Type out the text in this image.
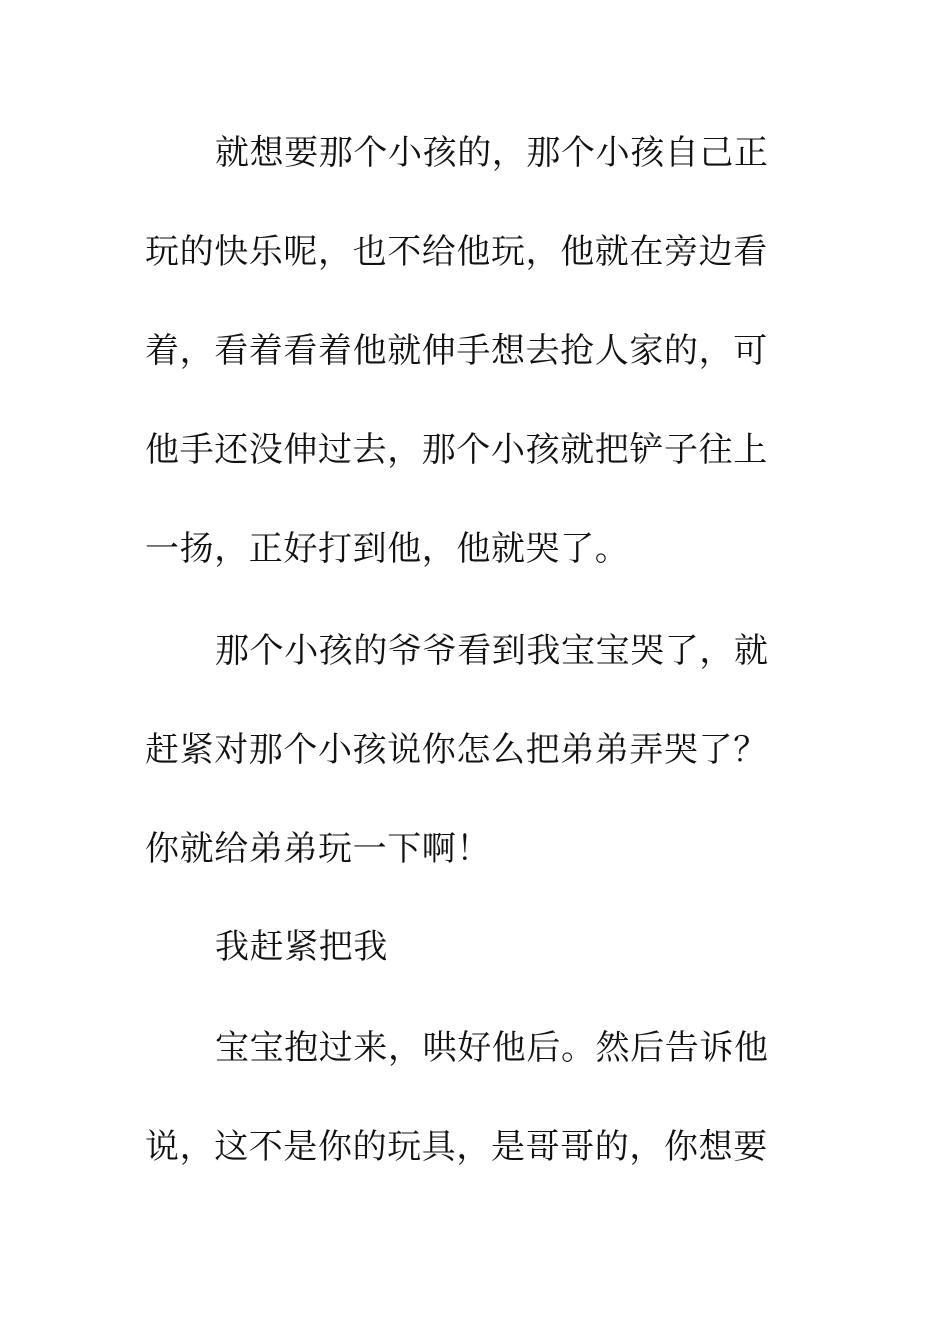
就想要那个小孩的，那个小孩自己正
玩的快乐呢，也不给他玩，他就在旁边看
着，看着看着他就伸手想去抢人家的，可
他手还没伸过去，那个小孩就把铲子往上
一扬，正好打到他，他就哭了。
那个小孩的爷爷看到我宝宝哭了，就
赶紧对那个小孩说你怎么把弟弟弄哭了？
你就给弟弟玩一下啊！
我赶紧把我
宝宝抱过来，哄好他后。然后告诉他
说，这不是你的玩具，是哥哥的，你想要
